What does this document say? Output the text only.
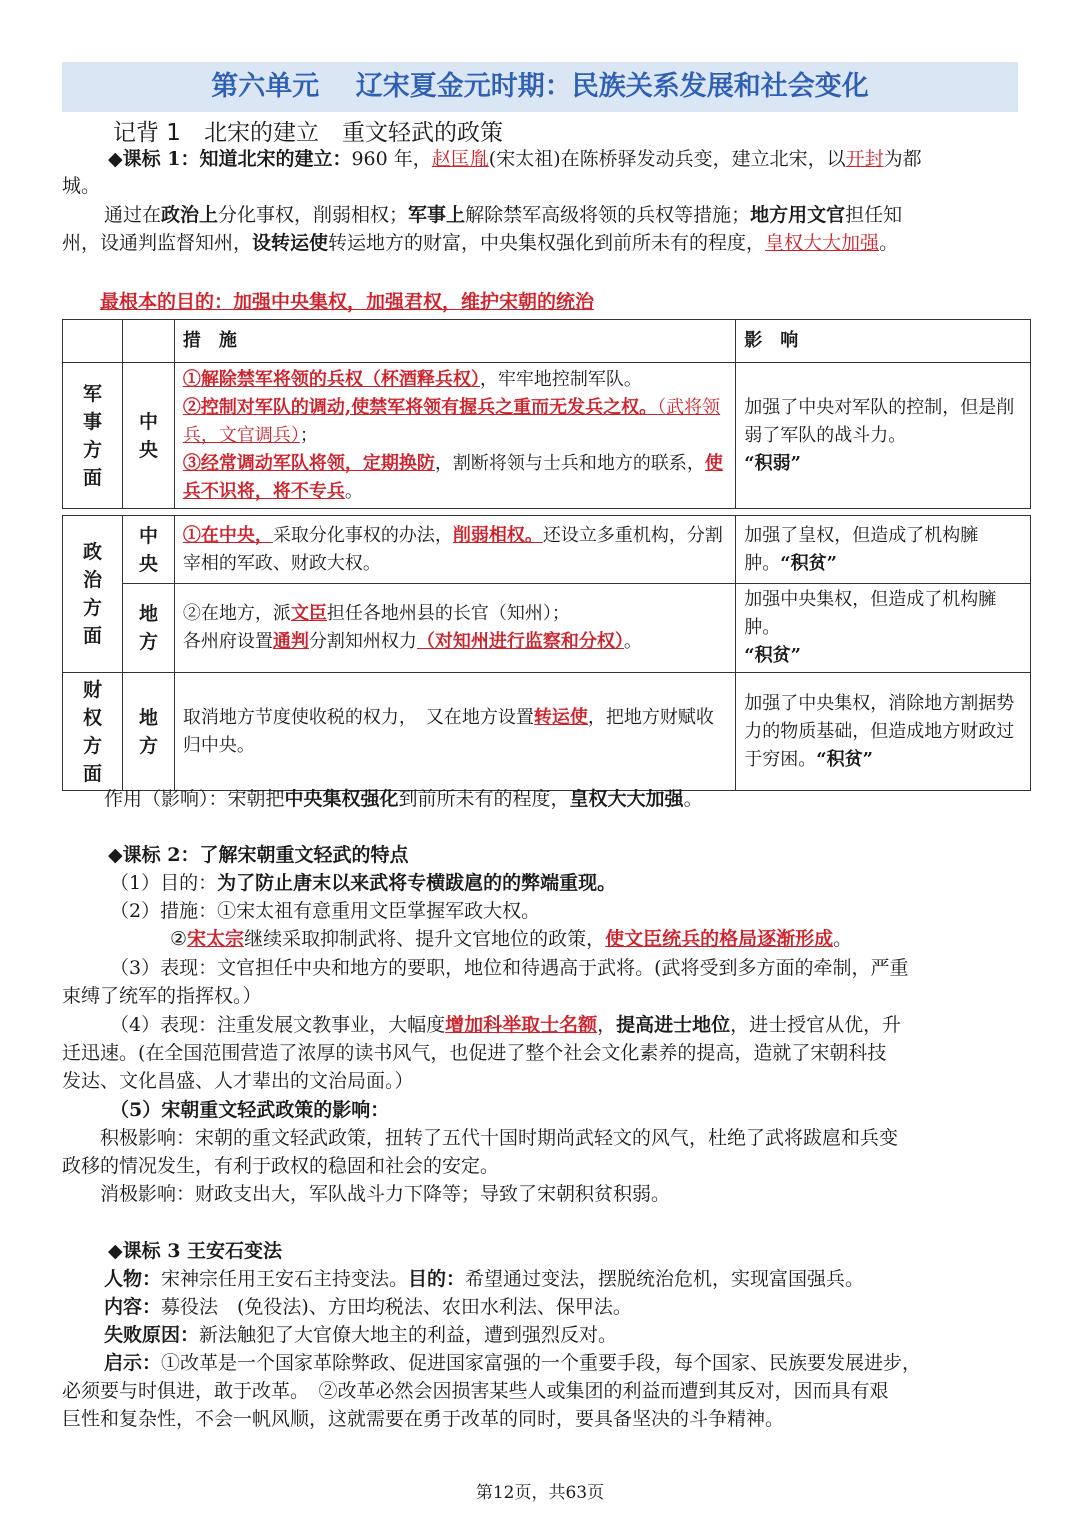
第六单元　 辽宋夏金元时期：民族关系发展和社会变化
记背 1　北宋的建立　重文轻武的政策
◆课标 1：知道北宋的建立：960 年，赵匡胤(宋太祖)在陈桥驿发动兵变，建立北宋，以开封为都
城。
通过在政治上分化事权，削弱相权；军事上解除禁军高级将领的兵权等措施；地方用文官担任知
州，设通判监督知州，设转运使转运地方的财富，中央集权强化到前所未有的程度，皇权大大加强。
最根本的目的：加强中央集权，加强君权，维护宋朝的统治
		措　施	影　响

军事方面	中央	①解除禁军将领的兵权（杯酒释兵权），牢牢地控制军队。
②控制对军队的调动,使禁军将领有握兵之重而无发兵之权。（武将领兵，文官调兵）；
③经常调动军队将领，定期换防，割断将领与士兵和地方的联系，使兵不识将，将不专兵。	加强了中央对军队的控制，但是削弱了军队的战斗力。
“积弱”

政治方面	中央	①在中央，采取分化事权的办法，削弱相权。还设立多重机构，分割宰相的军政、财政大权。	加强了皇权，但造成了机构臃肿。“积贫”

	地方	②在地方，派文臣担任各地州县的长官（知州）；
各州府设置通判分割知州权力（对知州进行监察和分权）。	加强中央集权，但造成了机构臃肿。
“积贫”

财权方面	地方	取消地方节度使收税的权力，　又在地方设置转运使，把地方财赋收归中央。	加强了中央集权，消除地方割据势力的物质基础，但造成地方财政过于穷困。“积贫”
作用（影响）：宋朝把中央集权强化到前所未有的程度，皇权大大加强。
◆课标 2：了解宋朝重文轻武的特点
（1）目的：为了防止唐末以来武将专横跋扈的的弊端重现。
（2）措施：①宋太祖有意重用文臣掌握军政大权。
②宋太宗继续采取抑制武将、提升文官地位的政策，使文臣统兵的格局逐渐形成。
（3）表现：文官担任中央和地方的要职，地位和待遇高于武将。(武将受到多方面的牵制，严重
束缚了统军的指挥权。）
（4）表现：注重发展文教事业，大幅度增加科举取士名额，提高进士地位，进士授官从优，升
迁迅速。(在全国范围营造了浓厚的读书风气，也促进了整个社会文化素养的提高，造就了宋朝科技
发达、文化昌盛、人才辈出的文治局面。）
（5）宋朝重文轻武政策的影响：
积极影响：宋朝的重文轻武政策，扭转了五代十国时期尚武轻文的风气，杜绝了武将跋扈和兵变
政移的情况发生，有利于政权的稳固和社会的安定。
消极影响：财政支出大，军队战斗力下降等；导致了宋朝积贫积弱。
◆课标 3 王安石变法
人物：宋神宗任用王安石主持变法。目的：希望通过变法，摆脱统治危机，实现富国强兵。
内容：募役法　(免役法)、方田均税法、农田水利法、保甲法。
失败原因：新法触犯了大官僚大地主的利益，遭到强烈反对。
启示：①改革是一个国家革除弊政、促进国家富强的一个重要手段，每个国家、民族要发展进步，
必须要与时俱进，敢于改革。　②改革必然会因损害某些人或集团的利益而遭到其反对，因而具有艰
巨性和复杂性，不会一帆风顺，这就需要在勇于改革的同时，要具备坚决的斗争精神。
第12页，共63页
